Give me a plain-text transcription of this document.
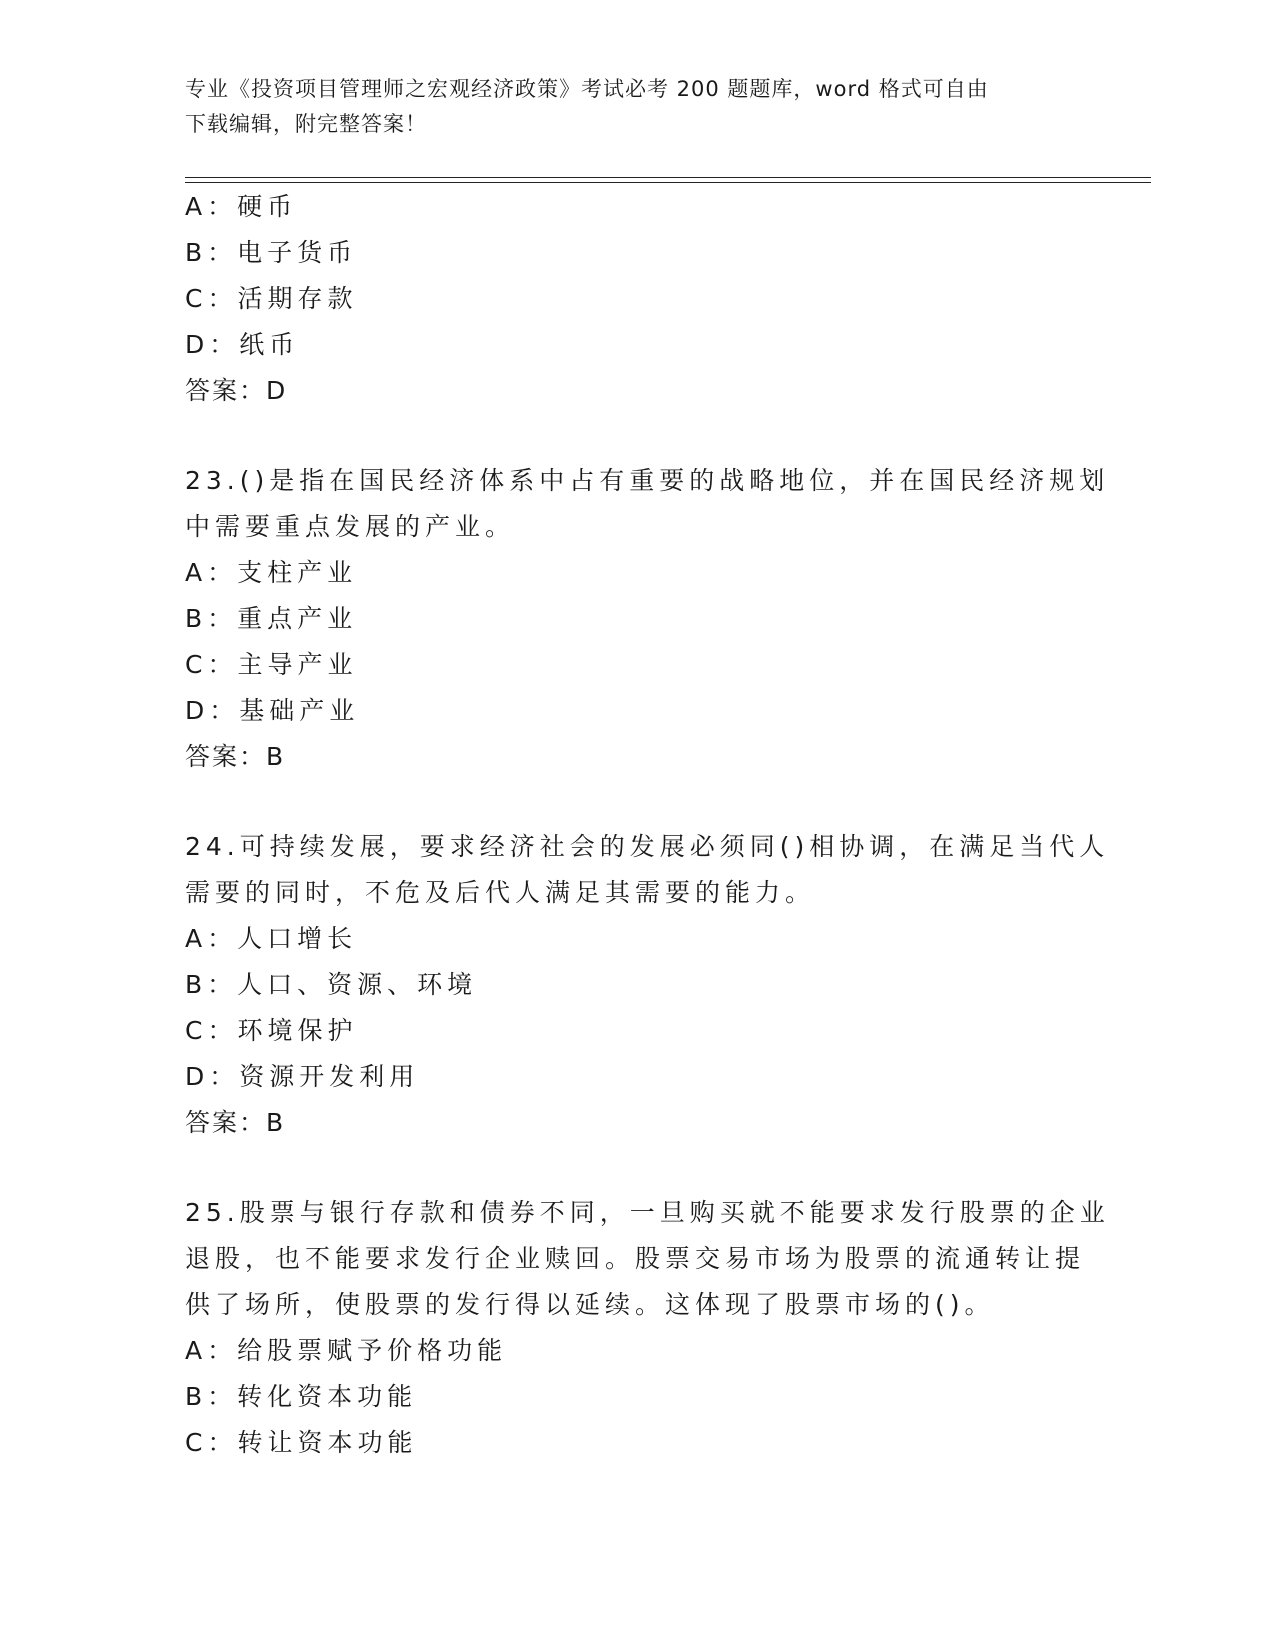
专业《投资项目管理师之宏观经济政策》考试必考 200 题题库，word 格式可自由
下载编辑，附完整答案！
A：硬币
B：电子货币
C：活期存款
D：纸币
答案：D
23.()是指在国民经济体系中占有重要的战略地位，并在国民经济规划
中需要重点发展的产业。
A：支柱产业
B：重点产业
C：主导产业
D：基础产业
答案：B
24.可持续发展，要求经济社会的发展必须同()相协调，在满足当代人
需要的同时，不危及后代人满足其需要的能力。
A：人口增长
B：人口、资源、环境
C：环境保护
D：资源开发利用
答案：B
25.股票与银行存款和债券不同，一旦购买就不能要求发行股票的企业
退股，也不能要求发行企业赎回。股票交易市场为股票的流通转让提
供了场所，使股票的发行得以延续。这体现了股票市场的()。
A：给股票赋予价格功能
B：转化资本功能
C：转让资本功能
